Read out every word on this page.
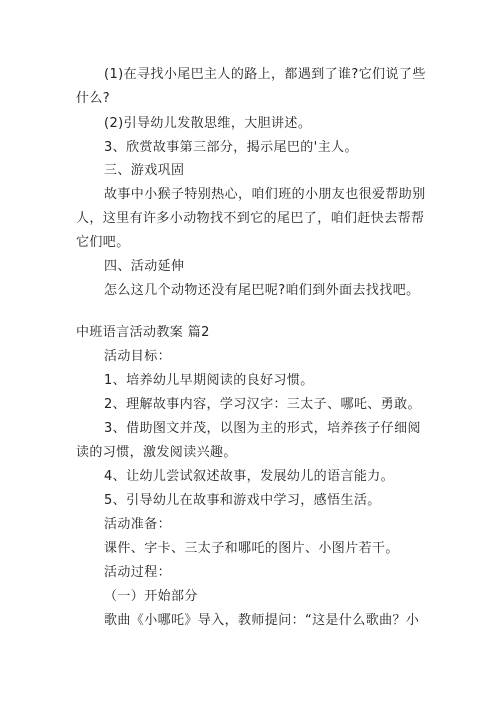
(1)在寻找小尾巴主人的路上，都遇到了谁?它们说了些
什么?
(2)引导幼儿发散思维，大胆讲述。
3、欣赏故事第三部分，揭示尾巴的'主人。
三、游戏巩固
故事中小猴子特别热心，咱们班的小朋友也很爱帮助别
人，这里有许多小动物找不到它的尾巴了，咱们赶快去帮帮
它们吧。
四、活动延伸
怎么这几个动物还没有尾巴呢?咱们到外面去找找吧。
中班语言活动教案 篇2
活动目标：
1、培养幼儿早期阅读的良好习惯。
2、理解故事内容，学习汉字：三太子、哪吒、勇敢。
3、借助图文并茂，以图为主的形式，培养孩子仔细阅
读的习惯，激发阅读兴趣。
4、让幼儿尝试叙述故事，发展幼儿的语言能力。
5、引导幼儿在故事和游戏中学习，感悟生活。
活动准备：
课件、字卡、三太子和哪吒的图片、小图片若干。
活动过程：
（一）开始部分
歌曲《小哪吒》导入，教师提问：“这是什么歌曲？小
